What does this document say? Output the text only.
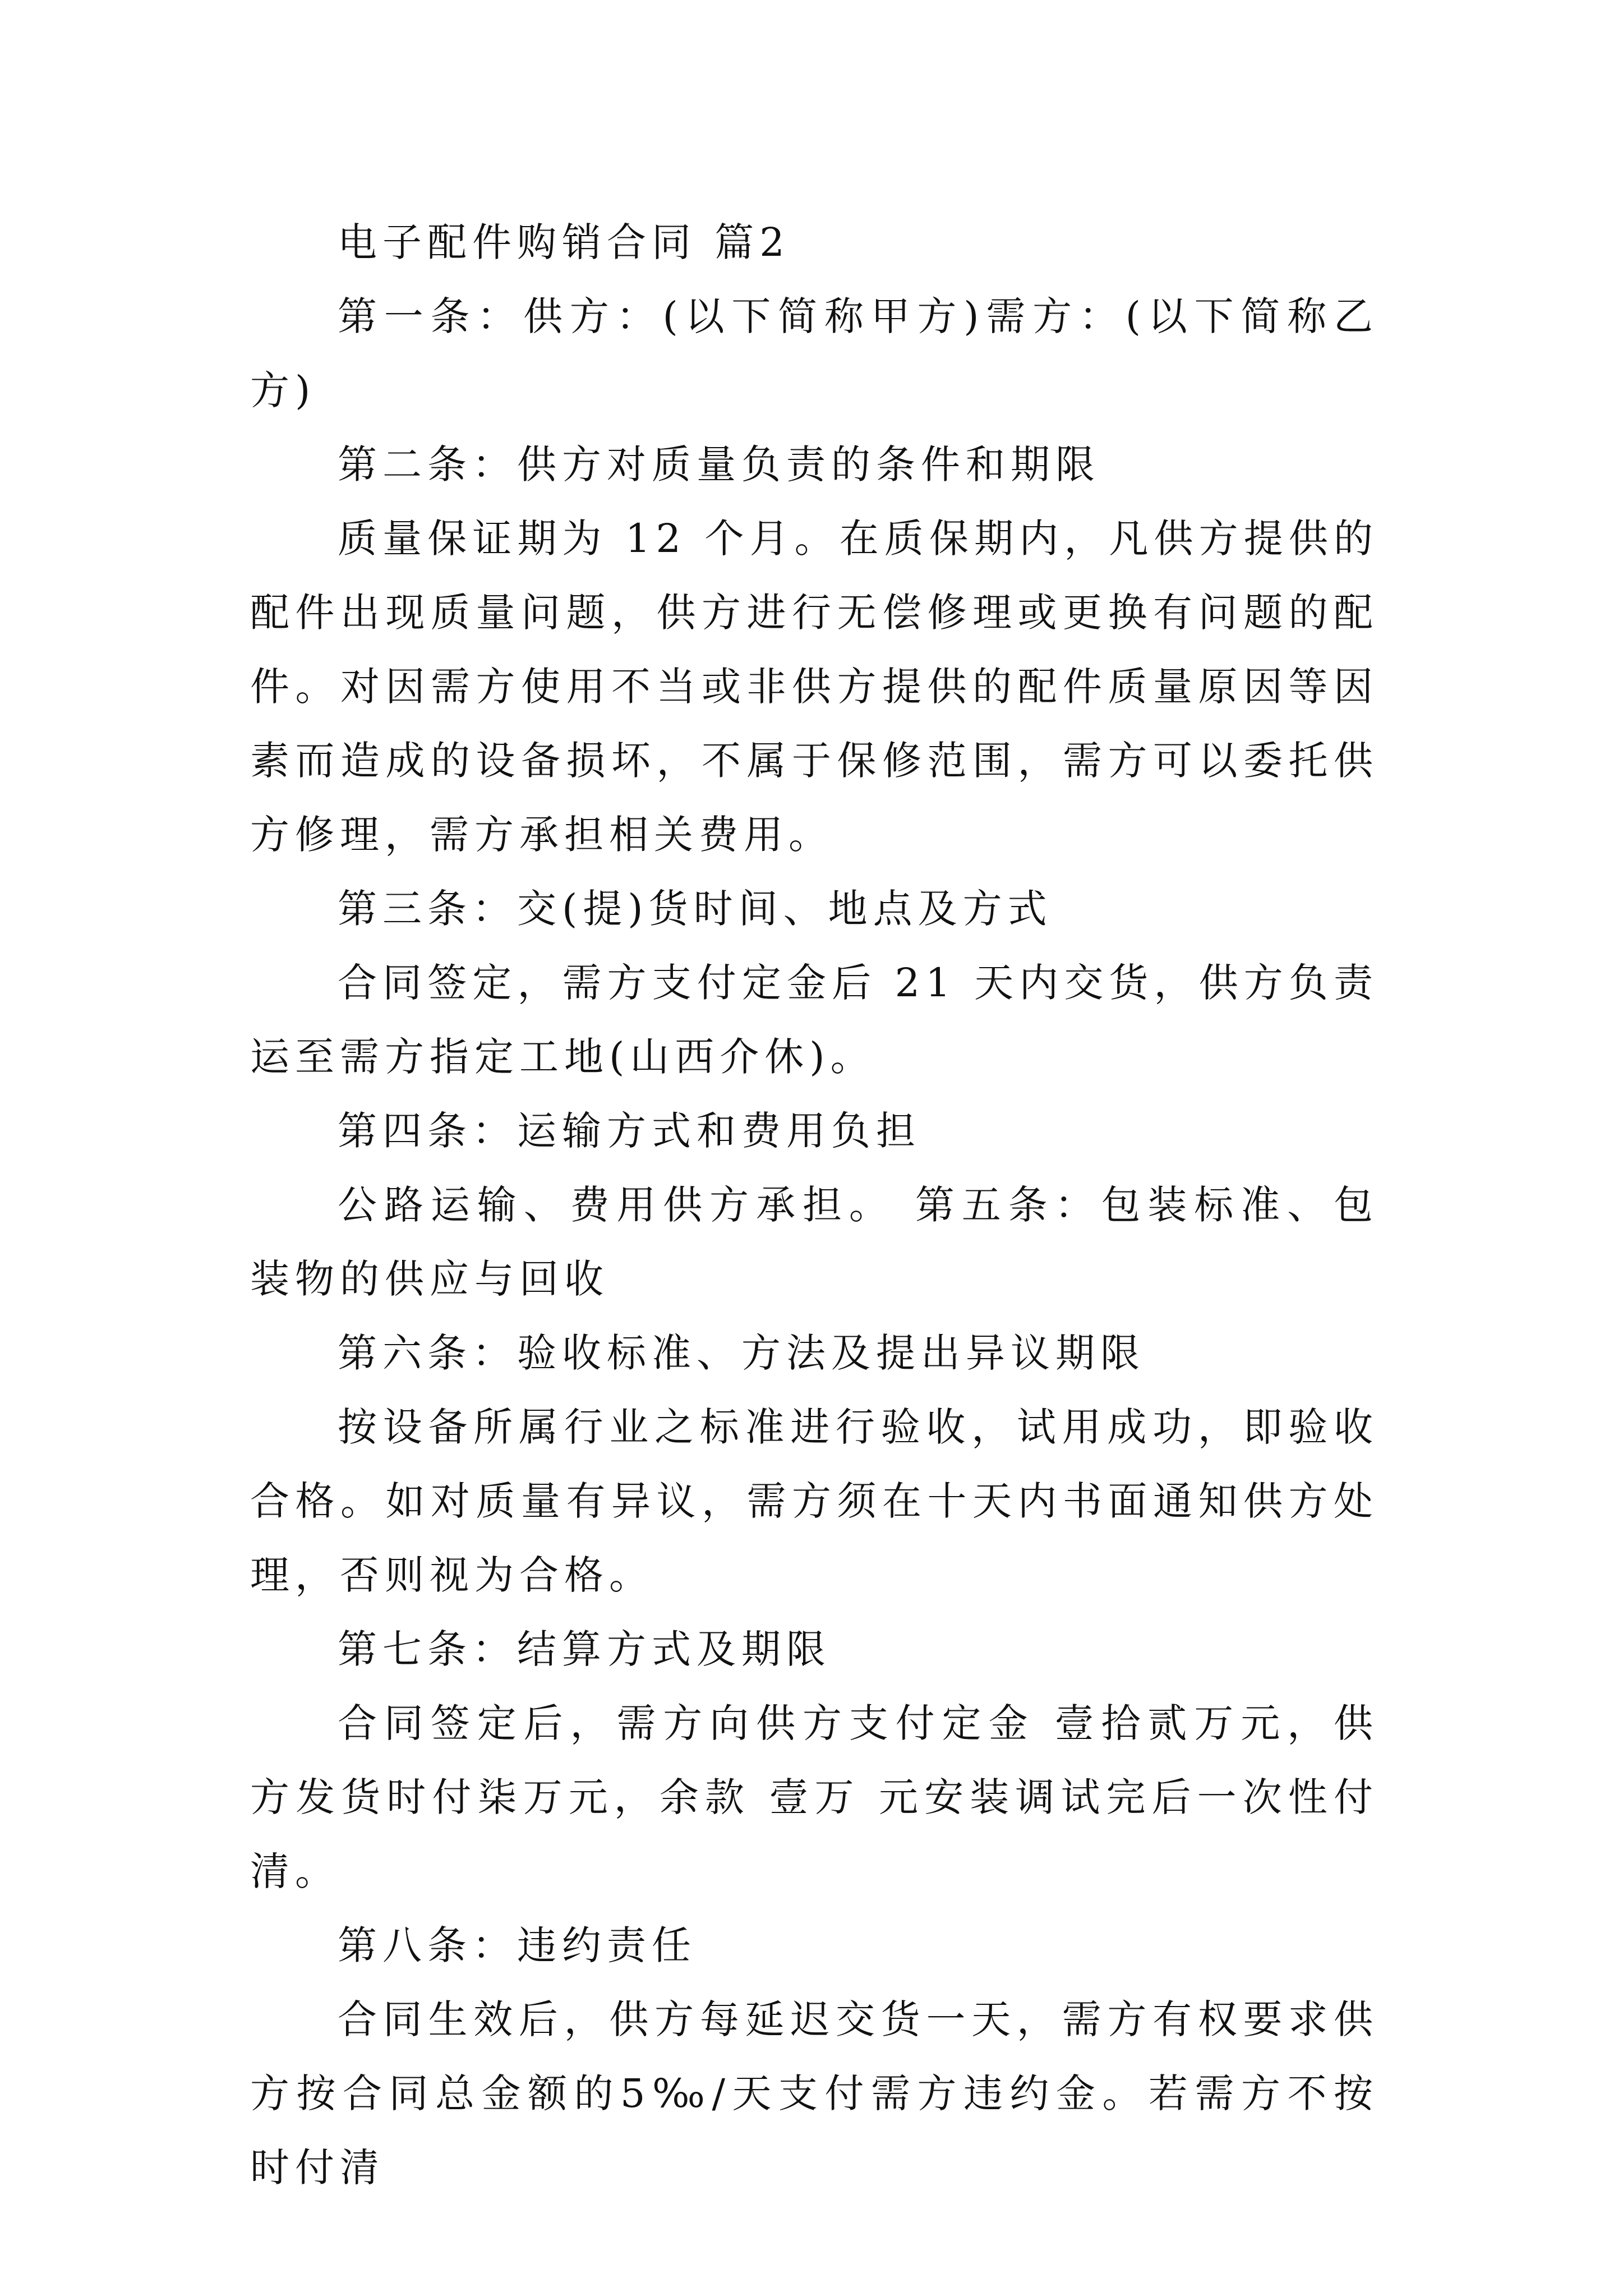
电子配件购销合同 篇2

第一条：供方：(以下简称甲方)需方：(以下简称乙方)

第二条：供方对质量负责的条件和期限

质量保证期为 12 个月。在质保期内，凡供方提供的配件出现质量问题，供方进行无偿修理或更换有问题的配件。对因需方使用不当或非供方提供的配件质量原因等因素而造成的设备损坏，不属于保修范围，需方可以委托供方修理，需方承担相关费用。

第三条：交(提)货时间、地点及方式

合同签定，需方支付定金后 21 天内交货，供方负责运至需方指定工地(山西介休)。

第四条：运输方式和费用负担

公路运输、费用供方承担。 第五条：包装标准、包装物的供应与回收

第六条：验收标准、方法及提出异议期限

按设备所属行业之标准进行验收，试用成功，即验收合格。如对质量有异议，需方须在十天内书面通知供方处理，否则视为合格。

第七条：结算方式及期限

合同签定后，需方向供方支付定金 壹拾贰万元，供方发货时付柒万元，余款 壹万 元安装调试完后一次性付清。

第八条：违约责任

合同生效后，供方每延迟交货一天，需方有权要求供方按合同总金额的5‰/天支付需方违约金。若需方不按时付清
